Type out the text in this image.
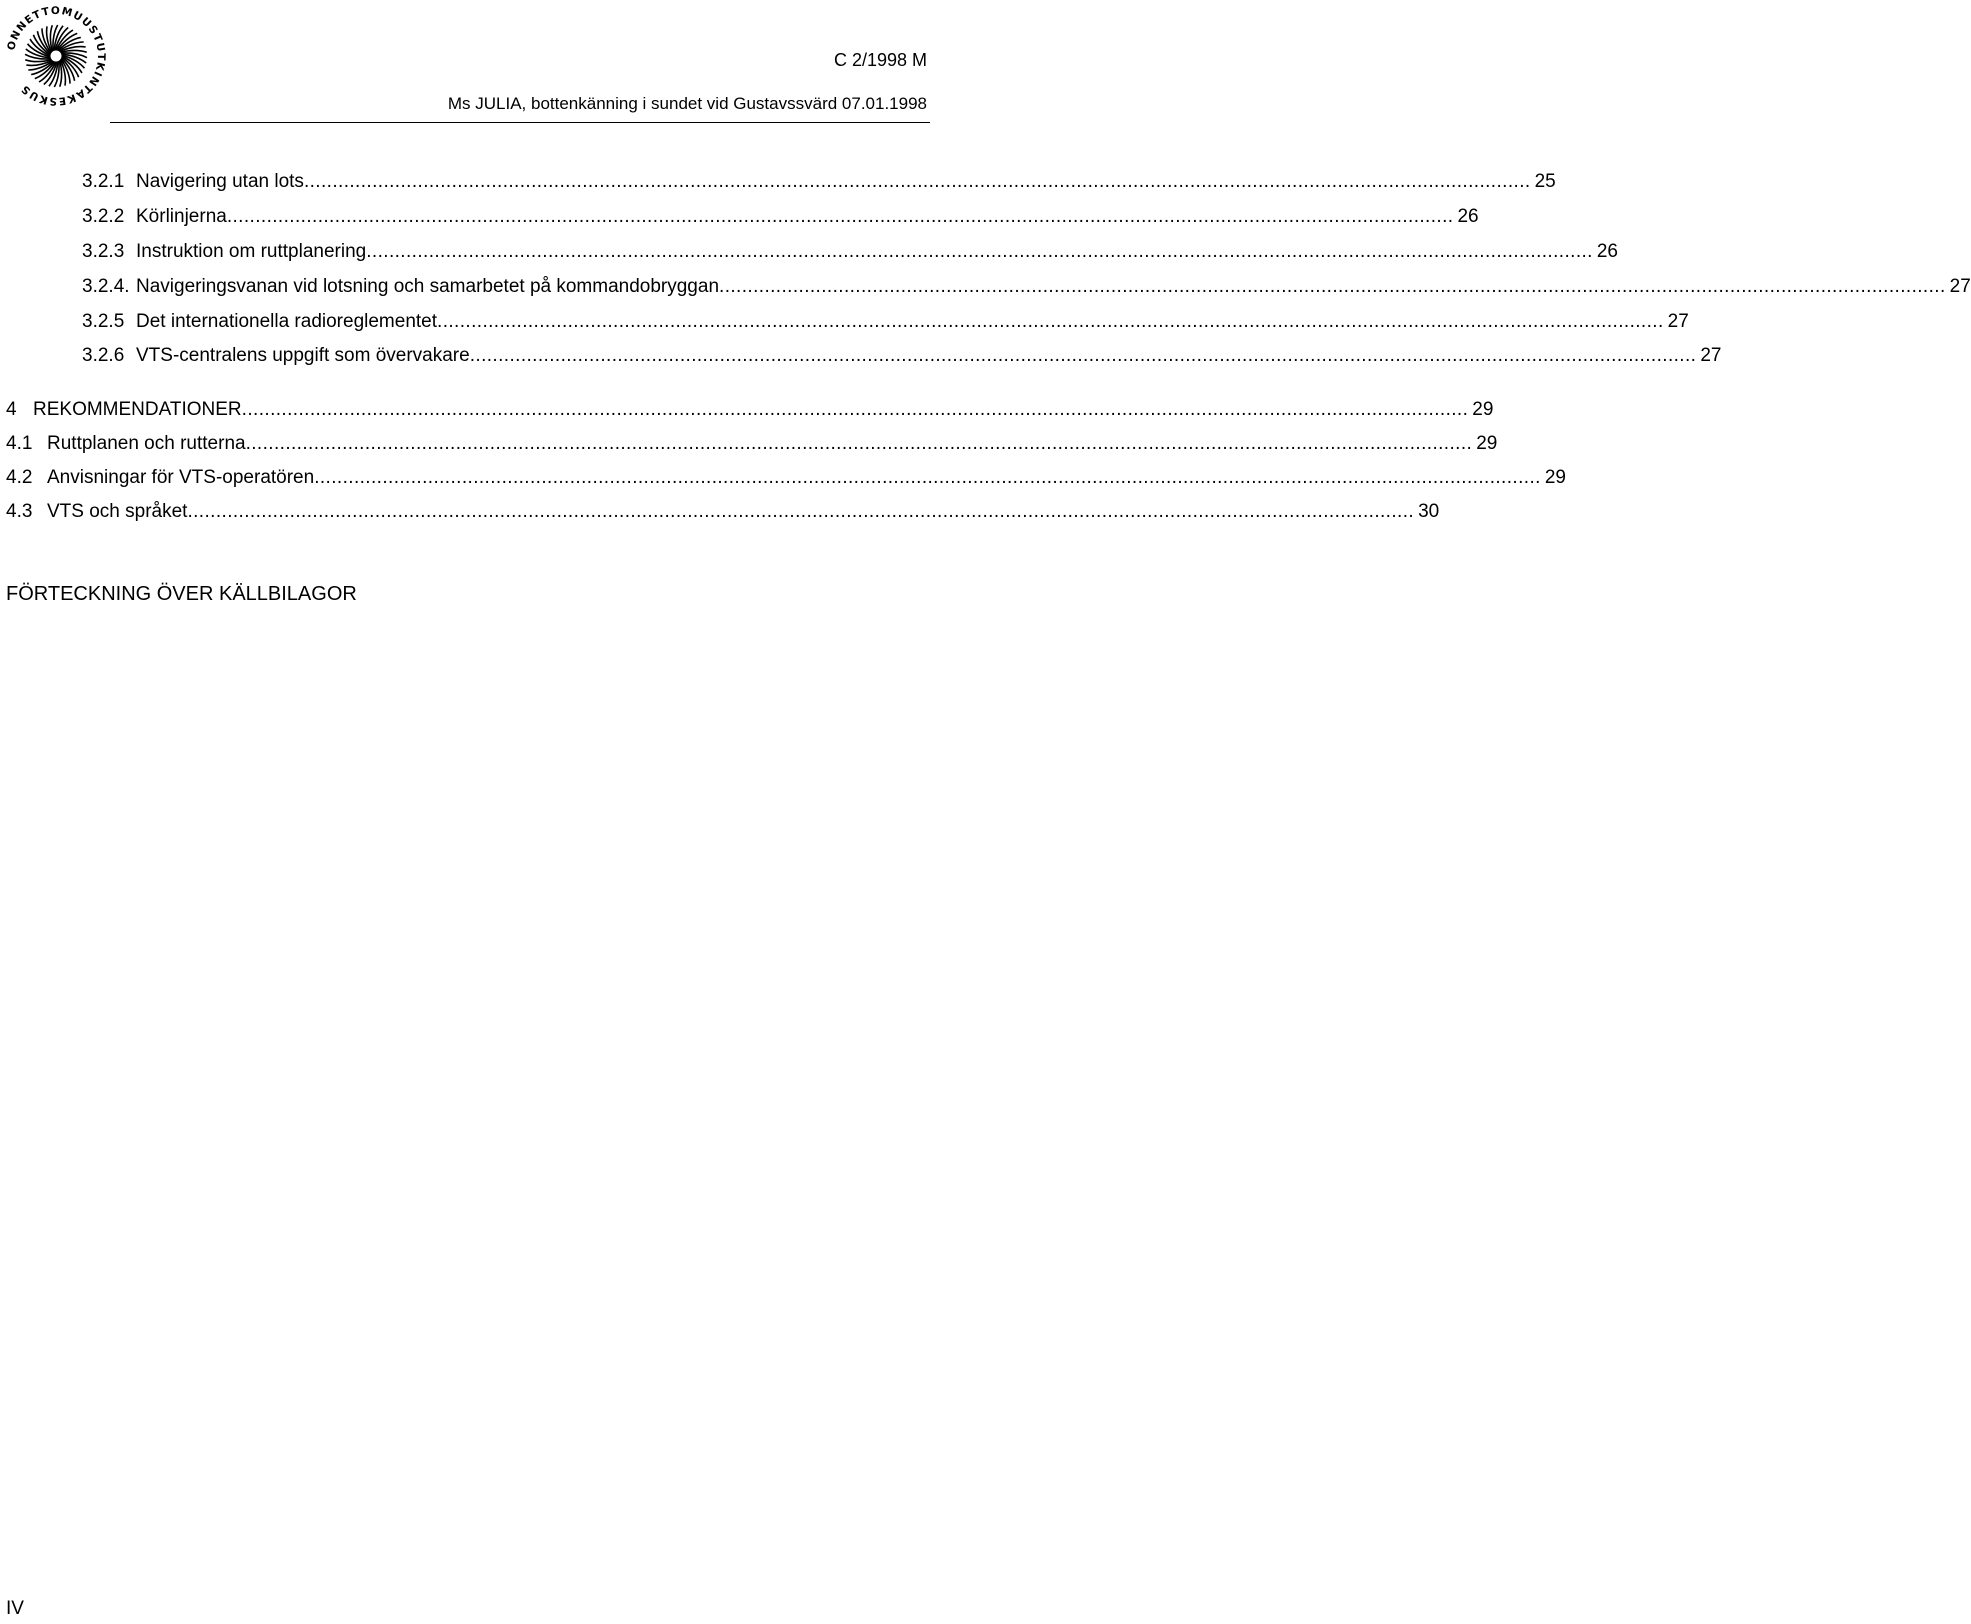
ONNETTOMUUSTUTKINTAKESKUS
C 2/1998 M
Ms JULIA, bottenkänning i sundet vid Gustavssvärd 07.01.1998
3.2.1 Navigering utan lots .....	25
3.2.2 Körlinjerna .....	26
3.2.3 Instruktion om ruttplanering .....	26
3.2.4. Navigeringsvanan vid lotsning och samarbetet på kommandobryggan .....	27
3.2.5 Det internationella radioreglementet .....	27
3.2.6 VTS-centralens uppgift som övervakare .....	27
4 REKOMMENDATIONER .....	29
4.1 Ruttplanen och rutterna .....	29
4.2 Anvisningar för VTS-operatören .....	29
4.3 VTS och språket .....	30
FÖRTECKNING ÖVER KÄLLBILAGOR
IV
